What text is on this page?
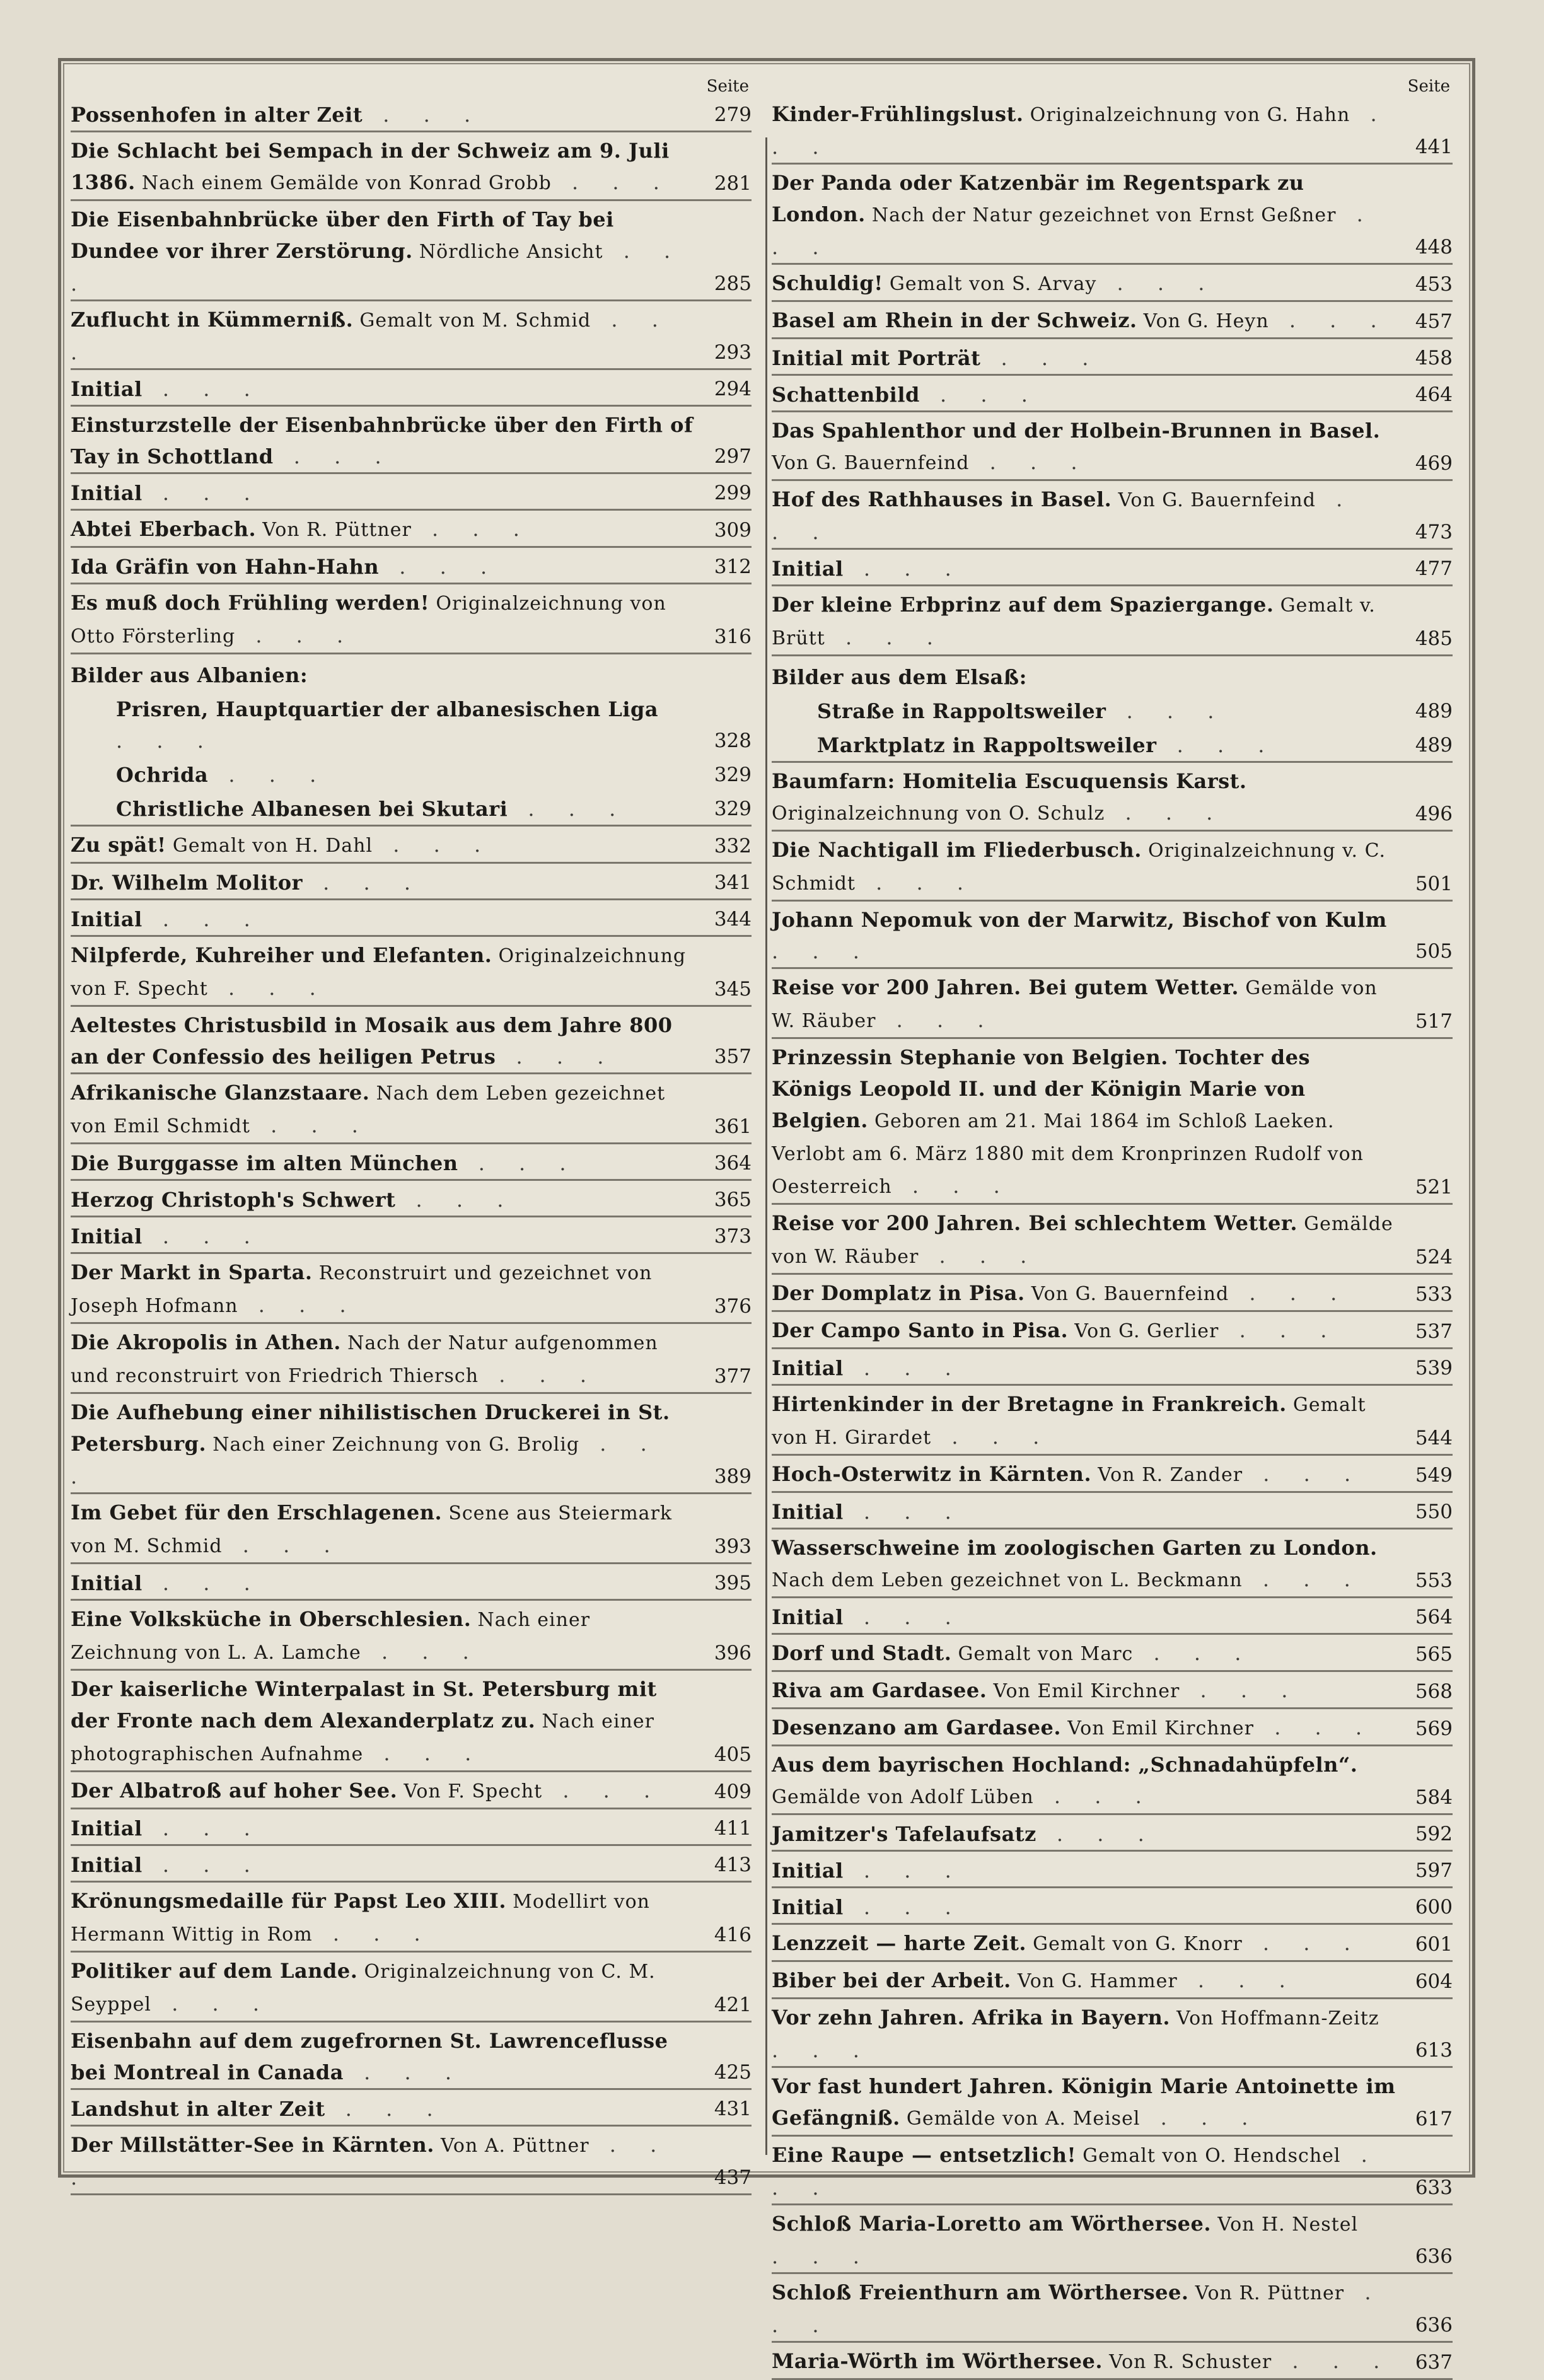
Seite
Possenhofen in alter Zeit . . .	279
Die Schlacht bei Sempach in der Schweiz am 9. Juli 1386. Nach einem Gemälde von Konrad Grobb . . .	281
Die Eisenbahnbrücke über den Firth of Tay bei Dundee vor ihrer Zerstörung. Nördliche Ansicht . . .	285
Zuflucht in Kümmerniß. Gemalt von M. Schmid . . .	293
Initial . . .	294
Einsturzstelle der Eisenbahnbrücke über den Firth of Tay in Schottland . . .	297
Initial . . .	299
Abtei Eberbach. Von R. Püttner . . .	309
Ida Gräfin von Hahn-Hahn . . .	312
Es muß doch Frühling werden! Originalzeichnung von Otto Försterling . . .	316
Bilder aus Albanien:
Prisren, Hauptquartier der albanesischen Liga . . .	328
Ochrida . . .	329
Christliche Albanesen bei Skutari . . .	329
Zu spät! Gemalt von H. Dahl . . .	332
Dr. Wilhelm Molitor . . .	341
Initial . . .	344
Nilpferde, Kuhreiher und Elefanten. Originalzeichnung von F. Specht . . .	345
Aeltestes Christusbild in Mosaik aus dem Jahre 800 an der Confessio des heiligen Petrus . . .	357
Afrikanische Glanzstaare. Nach dem Leben gezeichnet von Emil Schmidt . . .	361
Die Burggasse im alten München . . .	364
Herzog Christoph's Schwert . . .	365
Initial . . .	373
Der Markt in Sparta. Reconstruirt und gezeichnet von Joseph Hofmann . . .	376
Die Akropolis in Athen. Nach der Natur aufgenommen und reconstruirt von Friedrich Thiersch . . .	377
Die Aufhebung einer nihilistischen Druckerei in St. Petersburg. Nach einer Zeichnung von G. Brolig . . .	389
Im Gebet für den Erschlagenen. Scene aus Steiermark von M. Schmid . . .	393
Initial . . .	395
Eine Volksküche in Oberschlesien. Nach einer Zeichnung von L. A. Lamche . . .	396
Der kaiserliche Winterpalast in St. Petersburg mit der Fronte nach dem Alexanderplatz zu. Nach einer photographischen Aufnahme . . .	405
Der Albatroß auf hoher See. Von F. Specht . . .	409
Initial . . .	411
Initial . . .	413
Krönungsmedaille für Papst Leo XIII. Modellirt von Hermann Wittig in Rom . . .	416
Politiker auf dem Lande. Originalzeichnung von C. M. Seyppel . . .	421
Eisenbahn auf dem zugefrornen St. Lawrenceflusse bei Montreal in Canada . . .	425
Landshut in alter Zeit . . .	431
Der Millstätter-See in Kärnten. Von A. Püttner . . .	437
Seite
Kinder-Frühlingslust. Originalzeichnung von G. Hahn . . .	441
Der Panda oder Katzenbär im Regentspark zu London. Nach der Natur gezeichnet von Ernst Geßner . . .	448
Schuldig! Gemalt von S. Arvay . . .	453
Basel am Rhein in der Schweiz. Von G. Heyn . . .	457
Initial mit Porträt . . .	458
Schattenbild . . .	464
Das Spahlenthor und der Holbein-Brunnen in Basel. Von G. Bauernfeind . . .	469
Hof des Rathhauses in Basel. Von G. Bauernfeind . . .	473
Initial . . .	477
Der kleine Erbprinz auf dem Spaziergange. Gemalt v. Brütt . . .	485
Bilder aus dem Elsaß:
Straße in Rappoltsweiler . . .	489
Marktplatz in Rappoltsweiler . . .	489
Baumfarn: Homitelia Escuquensis Karst. Originalzeichnung von O. Schulz . . .	496
Die Nachtigall im Fliederbusch. Originalzeichnung v. C. Schmidt . . .	501
Johann Nepomuk von der Marwitz, Bischof von Kulm . . .	505
Reise vor 200 Jahren. Bei gutem Wetter. Gemälde von W. Räuber . . .	517
Prinzessin Stephanie von Belgien. Tochter des Königs Leopold II. und der Königin Marie von Belgien. Geboren am 21. Mai 1864 im Schloß Laeken. Verlobt am 6. März 1880 mit dem Kronprinzen Rudolf von Oesterreich . . .	521
Reise vor 200 Jahren. Bei schlechtem Wetter. Gemälde von W. Räuber . . .	524
Der Domplatz in Pisa. Von G. Bauernfeind . . .	533
Der Campo Santo in Pisa. Von G. Gerlier . . .	537
Initial . . .	539
Hirtenkinder in der Bretagne in Frankreich. Gemalt von H. Girardet . . .	544
Hoch-Osterwitz in Kärnten. Von R. Zander . . .	549
Initial . . .	550
Wasserschweine im zoologischen Garten zu London. Nach dem Leben gezeichnet von L. Beckmann . . .	553
Initial . . .	564
Dorf und Stadt. Gemalt von Marc . . .	565
Riva am Gardasee. Von Emil Kirchner . . .	568
Desenzano am Gardasee. Von Emil Kirchner . . .	569
Aus dem bayrischen Hochland: „Schnadahüpfeln“. Gemälde von Adolf Lüben . . .	584
Jamitzer's Tafelaufsatz . . .	592
Initial . . .	597
Initial . . .	600
Lenzzeit — harte Zeit. Gemalt von G. Knorr . . .	601
Biber bei der Arbeit. Von G. Hammer . . .	604
Vor zehn Jahren. Afrika in Bayern. Von Hoffmann-Zeitz . . .	613
Vor fast hundert Jahren. Königin Marie Antoinette im Gefängniß. Gemälde von A. Meisel . . .	617
Eine Raupe — entsetzlich! Gemalt von O. Hendschel . . .	633
Schloß Maria-Loretto am Wörthersee. Von H. Nestel . . .	636
Schloß Freienthurn am Wörthersee. Von R. Püttner . . .	636
Maria-Wörth im Wörthersee. Von R. Schuster . . .	637
